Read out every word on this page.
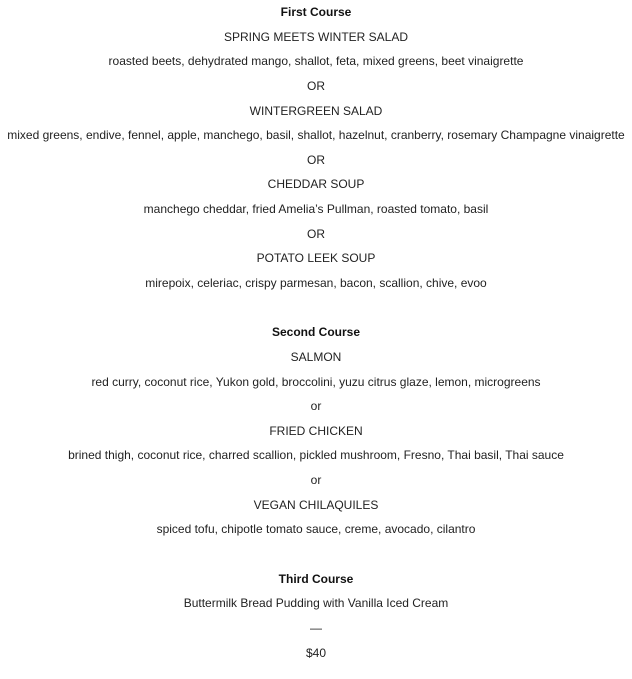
First Course
SPRING MEETS WINTER SALAD
roasted beets, dehydrated mango, shallot, feta, mixed greens, beet vinaigrette
OR
WINTERGREEN SALAD
mixed greens, endive, fennel, apple, manchego, basil, shallot, hazelnut, cranberry, rosemary Champagne vinaigrette
OR
CHEDDAR SOUP
manchego cheddar, fried Amelia’s Pullman, roasted tomato, basil
OR
POTATO LEEK SOUP
mirepoix, celeriac, crispy parmesan, bacon, scallion, chive, evoo
Second Course
SALMON
red curry, coconut rice, Yukon gold, broccolini, yuzu citrus glaze, lemon, microgreens
or
FRIED CHICKEN
brined thigh, coconut rice, charred scallion, pickled mushroom, Fresno, Thai basil, Thai sauce
or
VEGAN CHILAQUILES
spiced tofu, chipotle tomato sauce, creme, avocado, cilantro
Third Course
Buttermilk Bread Pudding with Vanilla Iced Cream
—
$40
